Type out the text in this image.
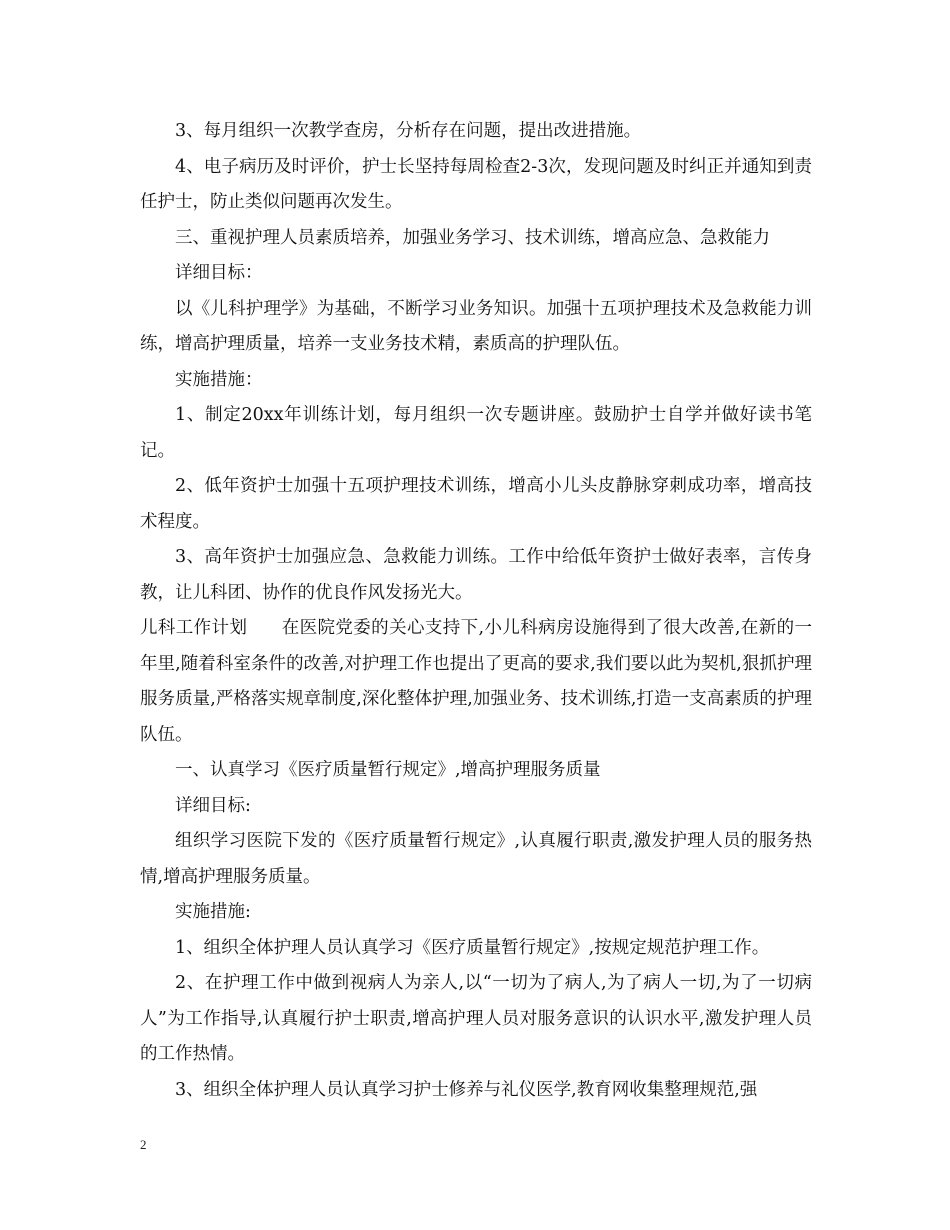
3、每月组织一次教学查房，分析存在问题，提出改进措施。

4、电子病历及时评价，护士长坚持每周检查2-3次，发现问题及时纠正并通知到责任护士，防止类似问题再次发生。

三、重视护理人员素质培养，加强业务学习、技术训练，增高应急、急救能力

详细目标：

以《儿科护理学》为基础，不断学习业务知识。加强十五项护理技术及急救能力训练，增高护理质量，培养一支业务技术精，素质高的护理队伍。

实施措施：

1、制定20xx年训练计划，每月组织一次专题讲座。鼓励护士自学并做好读书笔记。

2、低年资护士加强十五项护理技术训练，增高小儿头皮静脉穿刺成功率，增高技术程度。

3、高年资护士加强应急、急救能力训练。工作中给低年资护士做好表率，言传身教，让儿科团、协作的优良作风发扬光大。

儿科工作计划 在医院党委的关心支持下,小儿科病房设施得到了很大改善,在新的一年里,随着科室条件的改善,对护理工作也提出了更高的要求,我们要以此为契机,狠抓护理服务质量,严格落实规章制度,深化整体护理,加强业务、技术训练,打造一支高素质的护理队伍。

一、认真学习《医疗质量暂行规定》,增高护理服务质量

详细目标:

组织学习医院下发的《医疗质量暂行规定》,认真履行职责,激发护理人员的服务热情,增高护理服务质量。

实施措施:

1、组织全体护理人员认真学习《医疗质量暂行规定》,按规定规范护理工作。

2、在护理工作中做到视病人为亲人,以“一切为了病人,为了病人一切,为了一切病人”为工作指导,认真履行护士职责,增高护理人员对服务意识的认识水平,激发护理人员的工作热情。

3、组织全体护理人员认真学习护士修养与礼仪医学,教育网收集整理规范,强

2
